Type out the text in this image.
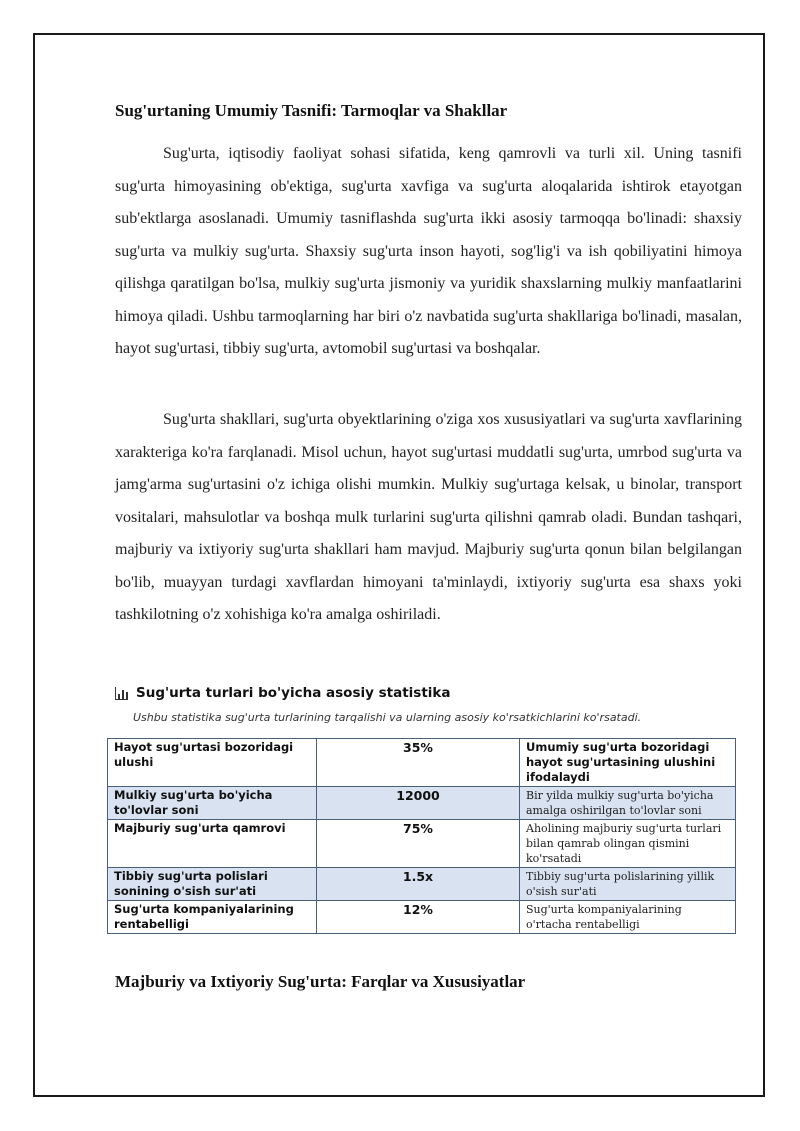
Sug'urtaning Umumiy Tasnifi: Tarmoqlar va Shakllar

Sug'urta, iqtisodiy faoliyat sohasi sifatida, keng qamrovli va turli xil. Uning tasnifi sug'urta himoyasining ob'ektiga, sug'urta xavfiga va sug'urta aloqalarida ishtirok etayotgan sub'ektlarga asoslanadi. Umumiy tasniflashda sug'urta ikki asosiy tarmoqqa bo'linadi: shaxsiy sug'urta va mulkiy sug'urta. Shaxsiy sug'urta inson hayoti, sog'lig'i va ish qobiliyatini himoya qilishga qaratilgan bo'lsa, mulkiy sug'urta jismoniy va yuridik shaxslarning mulkiy manfaatlarini himoya qiladi. Ushbu tarmoqlarning har biri o'z navbatida sug'urta shakllariga bo'linadi, masalan, hayot sug'urtasi, tibbiy sug'urta, avtomobil sug'urtasi va boshqalar.

Sug'urta shakllari, sug'urta obyektlarining o'ziga xos xususiyatlari va sug'urta xavflarining xarakteriga ko'ra farqlanadi. Misol uchun, hayot sug'urtasi muddatli sug'urta, umrbod sug'urta va jamg'arma sug'urtasini o'z ichiga olishi mumkin. Mulkiy sug'urtaga kelsak, u binolar, transport vositalari, mahsulotlar va boshqa mulk turlarini sug'urta qilishni qamrab oladi. Bundan tashqari, majburiy va ixtiyoriy sug'urta shakllari ham mavjud. Majburiy sug'urta qonun bilan belgilangan bo'lib, muayyan turdagi xavflardan himoyani ta'minlaydi, ixtiyoriy sug'urta esa shaxs yoki tashkilotning o'z xohishiga ko'ra amalga oshiriladi.

Sug'urta turlari bo'yicha asosiy statistika
Ushbu statistika sug'urta turlarining tarqalishi va ularning asosiy ko'rsatkichlarini ko'rsatadi.
Hayot sug'urtasi bozoridagi ulushi	35%	Umumiy sug'urta bozoridagi hayot sug'urtasining ulushini ifodalaydi
Mulkiy sug'urta bo'yicha to'lovlar soni	12000	Bir yilda mulkiy sug'urta bo'yicha amalga oshirilgan to'lovlar soni
Majburiy sug'urta qamrovi	75%	Aholining majburiy sug'urta turlari bilan qamrab olingan qismini ko'rsatadi
Tibbiy sug'urta polislari sonining o'sish sur'ati	1.5x	Tibbiy sug'urta polislarining yillik o'sish sur'ati
Sug'urta kompaniyalarining rentabelligi	12%	Sug'urta kompaniyalarining o'rtacha rentabelligi
Majburiy va Ixtiyoriy Sug'urta: Farqlar va Xususiyatlar
